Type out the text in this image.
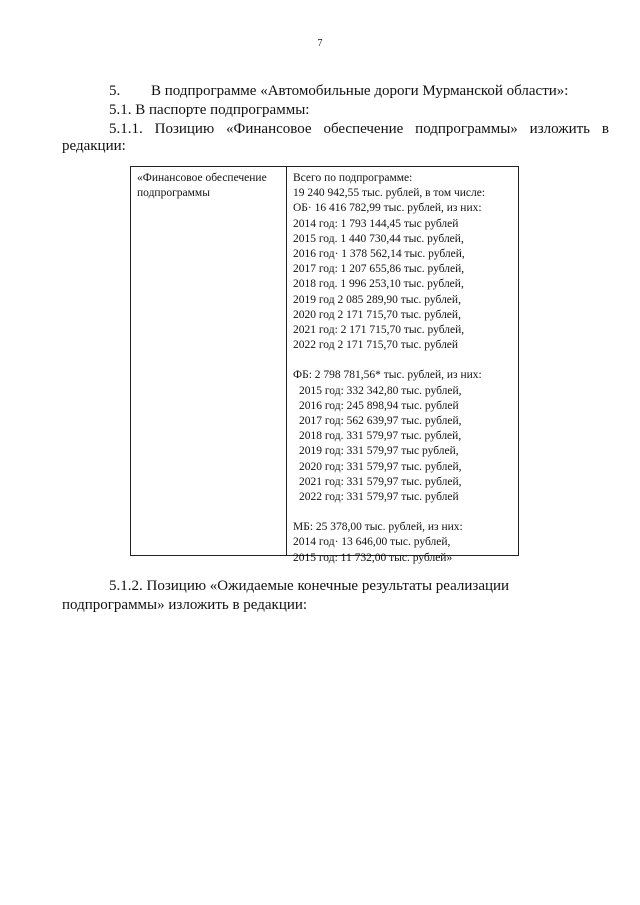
7
5. В подпрограмме «Автомобильные дороги Мурманской области»:
5.1. В паспорте подпрограммы:
5.1.1. Позицию «Финансовое обеспечение подпрограммы» изложить в
редакции:
«Финансовое обеспечение
подпрограммы
Всего по подпрограмме:
19 240 942,55 тыс. рублей, в том числе:
ОБ· 16 416 782,99 тыс. рублей, из них:
2014 год: 1 793 144,45 тыс рублей
2015 год. 1 440 730,44 тыс. рублей,
2016 год· 1 378 562,14 тыс. рублей,
2017 год: 1 207 655,86 тыс. рублей,
2018 год. 1 996 253,10 тыс. рублей,
2019 год 2 085 289,90 тыс. рублей,
2020 год 2 171 715,70 тыс. рублей,
2021 год: 2 171 715,70 тыс. рублей,
2022 год 2 171 715,70 тыс. рублей
ФБ: 2 798 781,56* тыс. рублей, из них:
2015 год: 332 342,80 тыс. рублей,
2016 год: 245 898,94 тыс. рублей
2017 год: 562 639,97 тыс. рублей,
2018 год. 331 579,97 тыс. рублей,
2019 год: 331 579,97 тыс рублей,
2020 год: 331 579,97 тыс. рублей,
2021 год: 331 579,97 тыс. рублей,
2022 год: 331 579,97 тыс. рублей
МБ: 25 378,00 тыс. рублей, из них:
2014 год· 13 646,00 тыс. рублей,
2015 год: 11 732,00 тыс. рублей»
5.1.2. Позицию «Ожидаемые конечные результаты реализации
подпрограммы» изложить в редакции:
